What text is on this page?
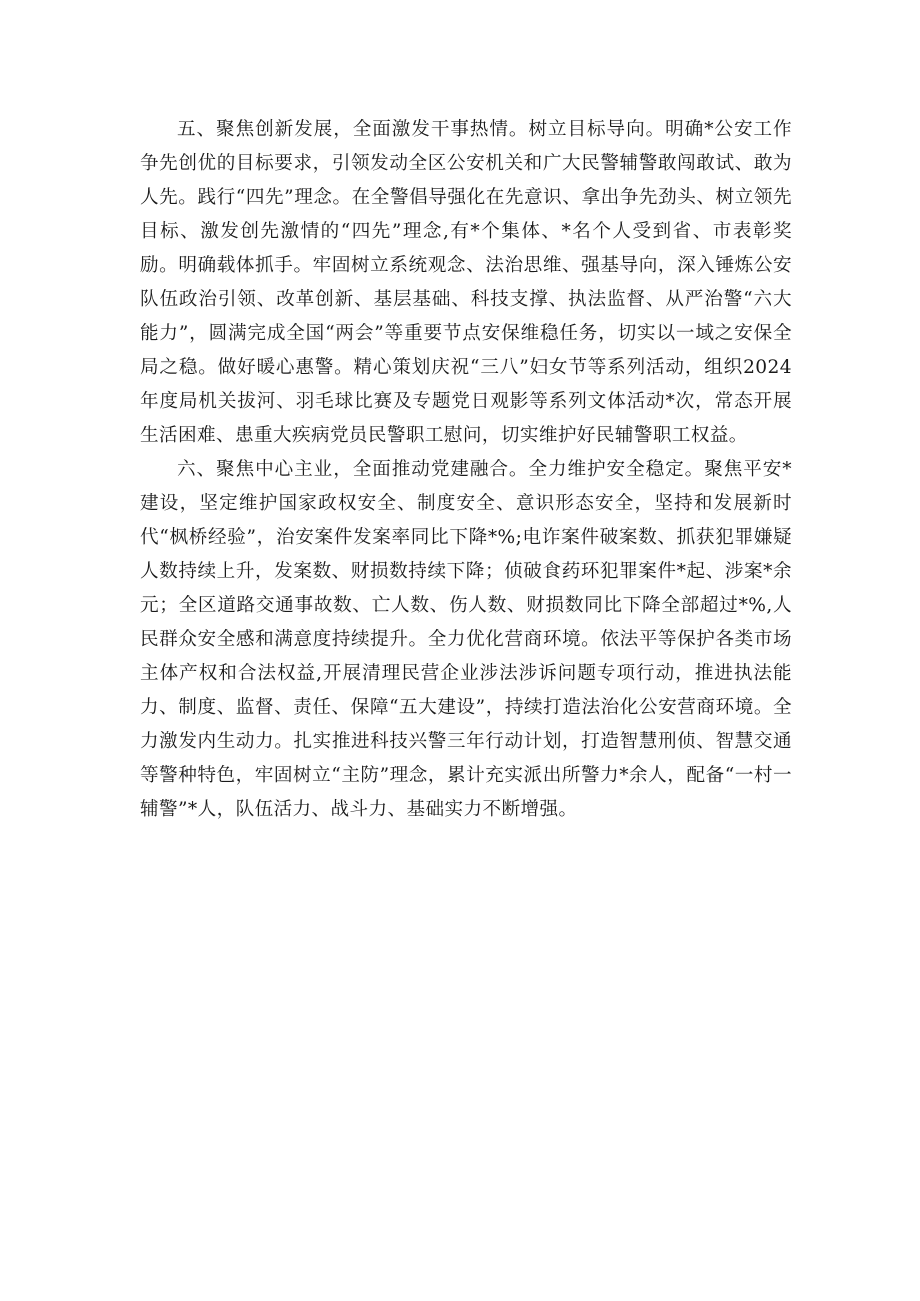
五、聚焦创新发展，全面激发干事热情。树立目标导向。明确*公安工作争先创优的目标要求，引领发动全区公安机关和广大民警辅警敢闯敢试、敢为人先。践行“四先”理念。在全警倡导强化在先意识、拿出争先劲头、树立领先目标、激发创先激情的“四先”理念,有*个集体、*名个人受到省、市表彰奖励。明确载体抓手。牢固树立系统观念、法治思维、强基导向，深入锤炼公安队伍政治引领、改革创新、基层基础、科技支撑、执法监督、从严治警“六大能力”，圆满完成全国“两会”等重要节点安保维稳任务，切实以一域之安保全局之稳。做好暖心惠警。精心策划庆祝“三八”妇女节等系列活动，组织2024年度局机关拔河、羽毛球比赛及专题党日观影等系列文体活动*次，常态开展生活困难、患重大疾病党员民警职工慰问，切实维护好民辅警职工权益。

六、聚焦中心主业，全面推动党建融合。全力维护安全稳定。聚焦平安*建设，坚定维护国家政权安全、制度安全、意识形态安全，坚持和发展新时代“枫桥经验”，治安案件发案率同比下降*%;电诈案件破案数、抓获犯罪嫌疑人数持续上升，发案数、财损数持续下降；侦破食药环犯罪案件*起、涉案*余元；全区道路交通事故数、亡人数、伤人数、财损数同比下降全部超过*%,人民群众安全感和满意度持续提升。全力优化营商环境。依法平等保护各类市场主体产权和合法权益,开展清理民营企业涉法涉诉问题专项行动，推进执法能力、制度、监督、责任、保障“五大建设”，持续打造法治化公安营商环境。全力激发内生动力。扎实推进科技兴警三年行动计划，打造智慧刑侦、智慧交通等警种特色，牢固树立“主防”理念，累计充实派出所警力*余人，配备“一村一辅警”*人，队伍活力、战斗力、基础实力不断增强。
